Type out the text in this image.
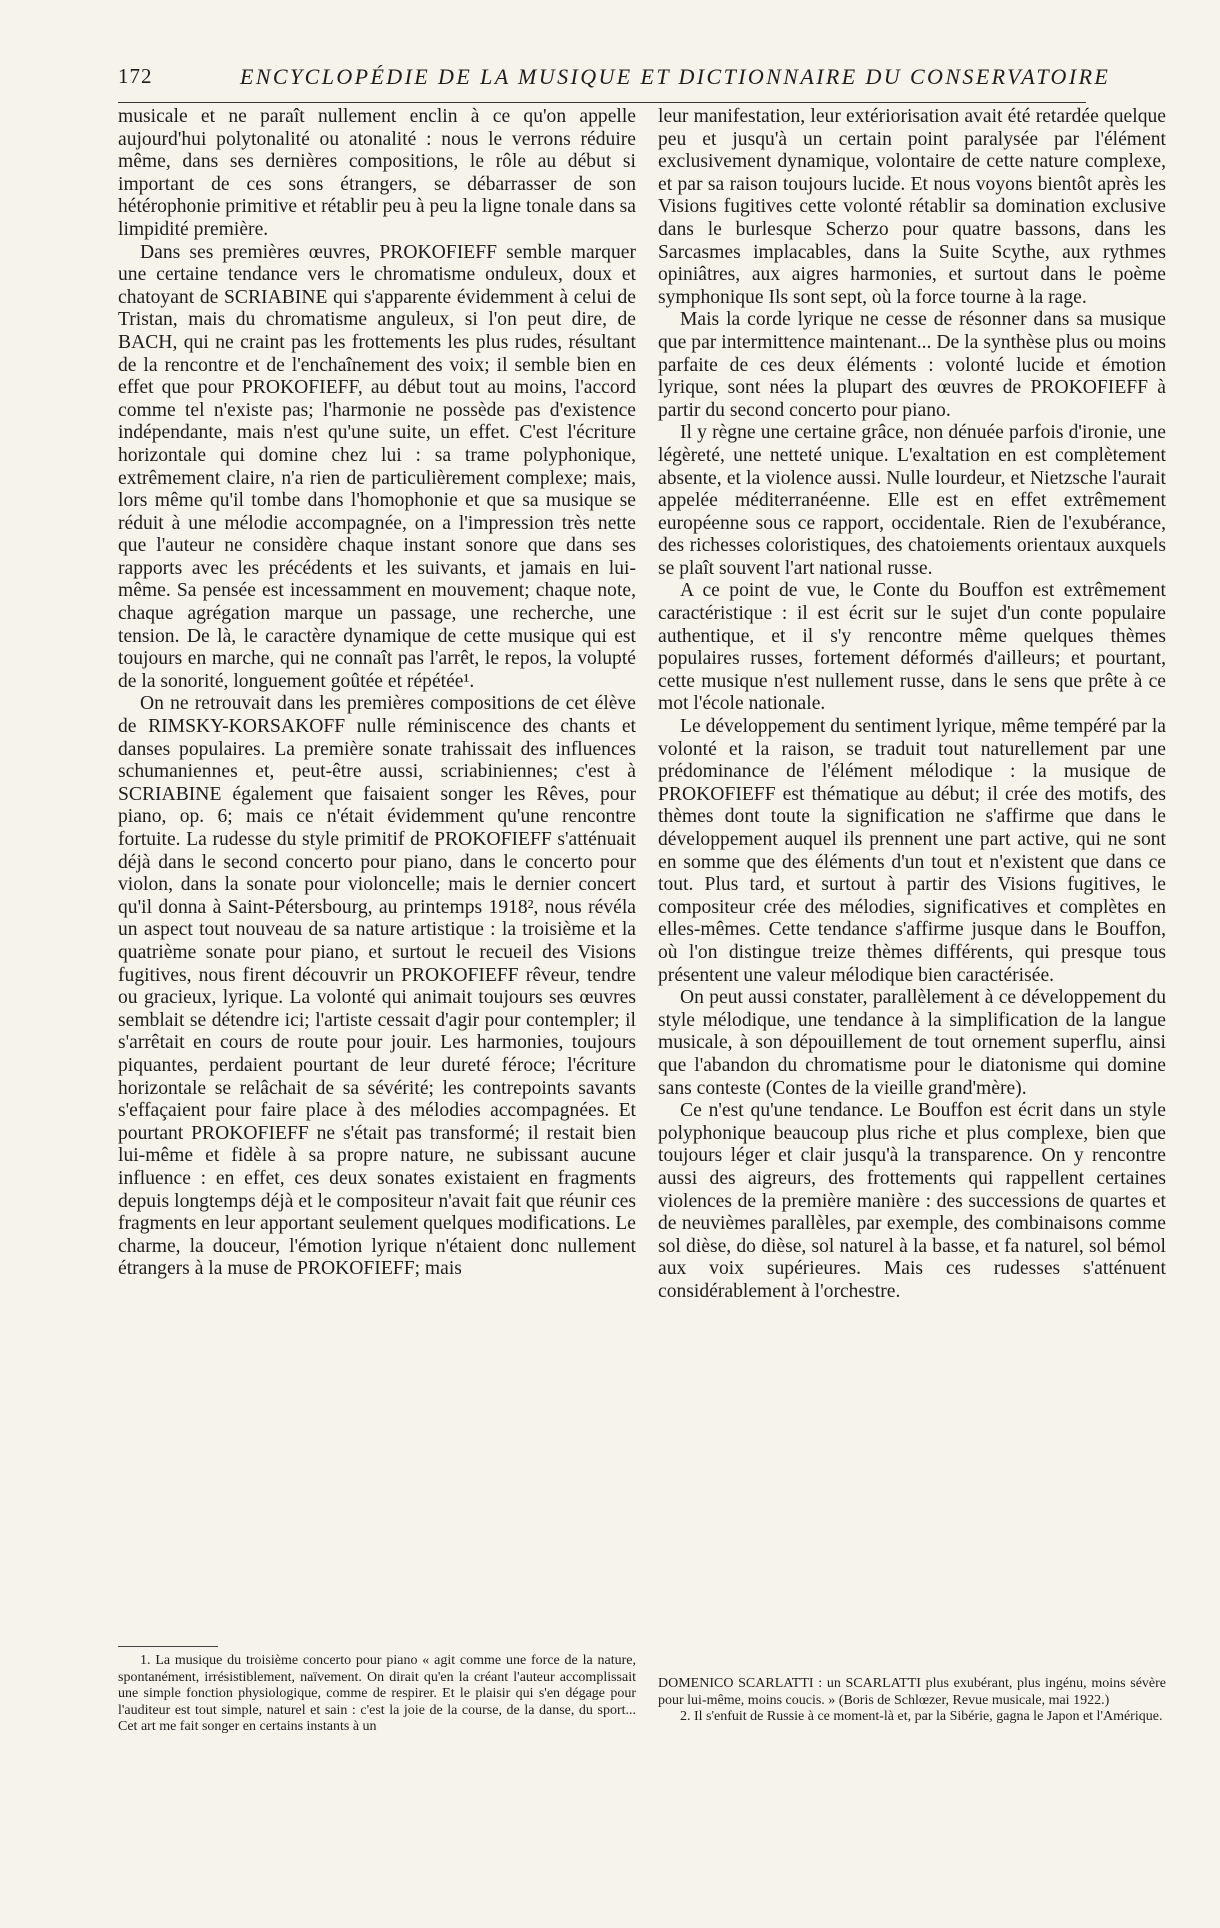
172	ENCYCLOPÉDIE DE LA MUSIQUE ET DICTIONNAIRE DU CONSERVATOIRE

musicale et ne paraît nullement enclin à ce qu'on appelle aujourd'hui polytonalité ou atonalité : nous le verrons réduire même, dans ses dernières compositions, le rôle au début si important de ces sons étrangers, se débarrasser de son hétérophonie primitive et rétablir peu à peu la ligne tonale dans sa limpidité première.

Dans ses premières œuvres, PROKOFIEFF semble marquer une certaine tendance vers le chromatisme onduleux, doux et chatoyant de SCRIABINE qui s'apparente évidemment à celui de Tristan, mais du chromatisme anguleux, si l'on peut dire, de BACH, qui ne craint pas les frottements les plus rudes, résultant de la rencontre et de l'enchaînement des voix; il semble bien en effet que pour PROKOFIEFF, au début tout au moins, l'accord comme tel n'existe pas; l'harmonie ne possède pas d'existence indépendante, mais n'est qu'une suite, un effet. C'est l'écriture horizontale qui domine chez lui : sa trame polyphonique, extrêmement claire, n'a rien de particulièrement complexe; mais, lors même qu'il tombe dans l'homophonie et que sa musique se réduit à une mélodie accompagnée, on a l'impression très nette que l'auteur ne considère chaque instant sonore que dans ses rapports avec les précédents et les suivants, et jamais en lui-même. Sa pensée est incessamment en mouvement; chaque note, chaque agrégation marque un passage, une recherche, une tension. De là, le caractère dynamique de cette musique qui est toujours en marche, qui ne connaît pas l'arrêt, le repos, la volupté de la sonorité, longuement goûtée et répétée¹.

On ne retrouvait dans les premières compositions de cet élève de RIMSKY-KORSAKOFF nulle réminiscence des chants et danses populaires. La première sonate trahissait des influences schumaniennes et, peut-être aussi, scriabiniennes; c'est à SCRIABINE également que faisaient songer les Rêves, pour piano, op. 6; mais ce n'était évidemment qu'une rencontre fortuite. La rudesse du style primitif de PROKOFIEFF s'atténuait déjà dans le second concerto pour piano, dans le concerto pour violon, dans la sonate pour violoncelle; mais le dernier concert qu'il donna à Saint-Pétersbourg, au printemps 1918², nous révéla un aspect tout nouveau de sa nature artistique : la troisième et la quatrième sonate pour piano, et surtout le recueil des Visions fugitives, nous firent découvrir un PROKOFIEFF rêveur, tendre ou gracieux, lyrique. La volonté qui animait toujours ses œuvres semblait se détendre ici; l'artiste cessait d'agir pour contempler; il s'arrêtait en cours de route pour jouir. Les harmonies, toujours piquantes, perdaient pourtant de leur dureté féroce; l'écriture horizontale se relâchait de sa sévérité; les contrepoints savants s'effaçaient pour faire place à des mélodies accompagnées. Et pourtant PROKOFIEFF ne s'était pas transformé; il restait bien lui-même et fidèle à sa propre nature, ne subissant aucune influence : en effet, ces deux sonates existaient en fragments depuis longtemps déjà et le compositeur n'avait fait que réunir ces fragments en leur apportant seulement quelques modifications. Le charme, la douceur, l'émotion lyrique n'étaient donc nullement étrangers à la muse de PROKOFIEFF; mais

leur manifestation, leur extériorisation avait été retardée quelque peu et jusqu'à un certain point paralysée par l'élément exclusivement dynamique, volontaire de cette nature complexe, et par sa raison toujours lucide. Et nous voyons bientôt après les Visions fugitives cette volonté rétablir sa domination exclusive dans le burlesque Scherzo pour quatre bassons, dans les Sarcasmes implacables, dans la Suite Scythe, aux rythmes opiniâtres, aux aigres harmonies, et surtout dans le poème symphonique Ils sont sept, où la force tourne à la rage.

Mais la corde lyrique ne cesse de résonner dans sa musique que par intermittence maintenant... De la synthèse plus ou moins parfaite de ces deux éléments : volonté lucide et émotion lyrique, sont nées la plupart des œuvres de PROKOFIEFF à partir du second concerto pour piano.

Il y règne une certaine grâce, non dénuée parfois d'ironie, une légèreté, une netteté unique. L'exaltation en est complètement absente, et la violence aussi. Nulle lourdeur, et Nietzsche l'aurait appelée méditerranéenne. Elle est en effet extrêmement européenne sous ce rapport, occidentale. Rien de l'exubérance, des richesses coloristiques, des chatoiements orientaux auxquels se plaît souvent l'art national russe.

A ce point de vue, le Conte du Bouffon est extrêmement caractéristique : il est écrit sur le sujet d'un conte populaire authentique, et il s'y rencontre même quelques thèmes populaires russes, fortement déformés d'ailleurs; et pourtant, cette musique n'est nullement russe, dans le sens que prête à ce mot l'école nationale.

Le développement du sentiment lyrique, même tempéré par la volonté et la raison, se traduit tout naturellement par une prédominance de l'élément mélodique : la musique de PROKOFIEFF est thématique au début; il crée des motifs, des thèmes dont toute la signification ne s'affirme que dans le développement auquel ils prennent une part active, qui ne sont en somme que des éléments d'un tout et n'existent que dans ce tout. Plus tard, et surtout à partir des Visions fugitives, le compositeur crée des mélodies, significatives et complètes en elles-mêmes. Cette tendance s'affirme jusque dans le Bouffon, où l'on distingue treize thèmes différents, qui presque tous présentent une valeur mélodique bien caractérisée.

On peut aussi constater, parallèlement à ce développement du style mélodique, une tendance à la simplification de la langue musicale, à son dépouillement de tout ornement superflu, ainsi que l'abandon du chromatisme pour le diatonisme qui domine sans conteste (Contes de la vieille grand'mère).

Ce n'est qu'une tendance. Le Bouffon est écrit dans un style polyphonique beaucoup plus riche et plus complexe, bien que toujours léger et clair jusqu'à la transparence. On y rencontre aussi des aigreurs, des frottements qui rappellent certaines violences de la première manière : des successions de quartes et de neuvièmes parallèles, par exemple, des combinaisons comme sol dièse, do dièse, sol naturel à la basse, et fa naturel, sol bémol aux voix supérieures. Mais ces rudesses s'atténuent considérablement à l'orchestre.

1. La musique du troisième concerto pour piano « agit comme une force de la nature, spontanément, irrésistiblement, naïvement. On dirait qu'en la créant l'auteur accomplissait une simple fonction physiologique, comme de respirer. Et le plaisir qui s'en dégage pour l'auditeur est tout simple, naturel et sain : c'est la joie de la course, de la danse, du sport... Cet art me fait songer en certains instants à un

DOMENICO SCARLATTI : un SCARLATTI plus exubérant, plus ingénu, moins sévère pour lui-même, moins coucis. » (Boris de Schlœzer, Revue musicale, mai 1922.)

2. Il s'enfuit de Russie à ce moment-là et, par la Sibérie, gagna le Japon et l'Amérique.
